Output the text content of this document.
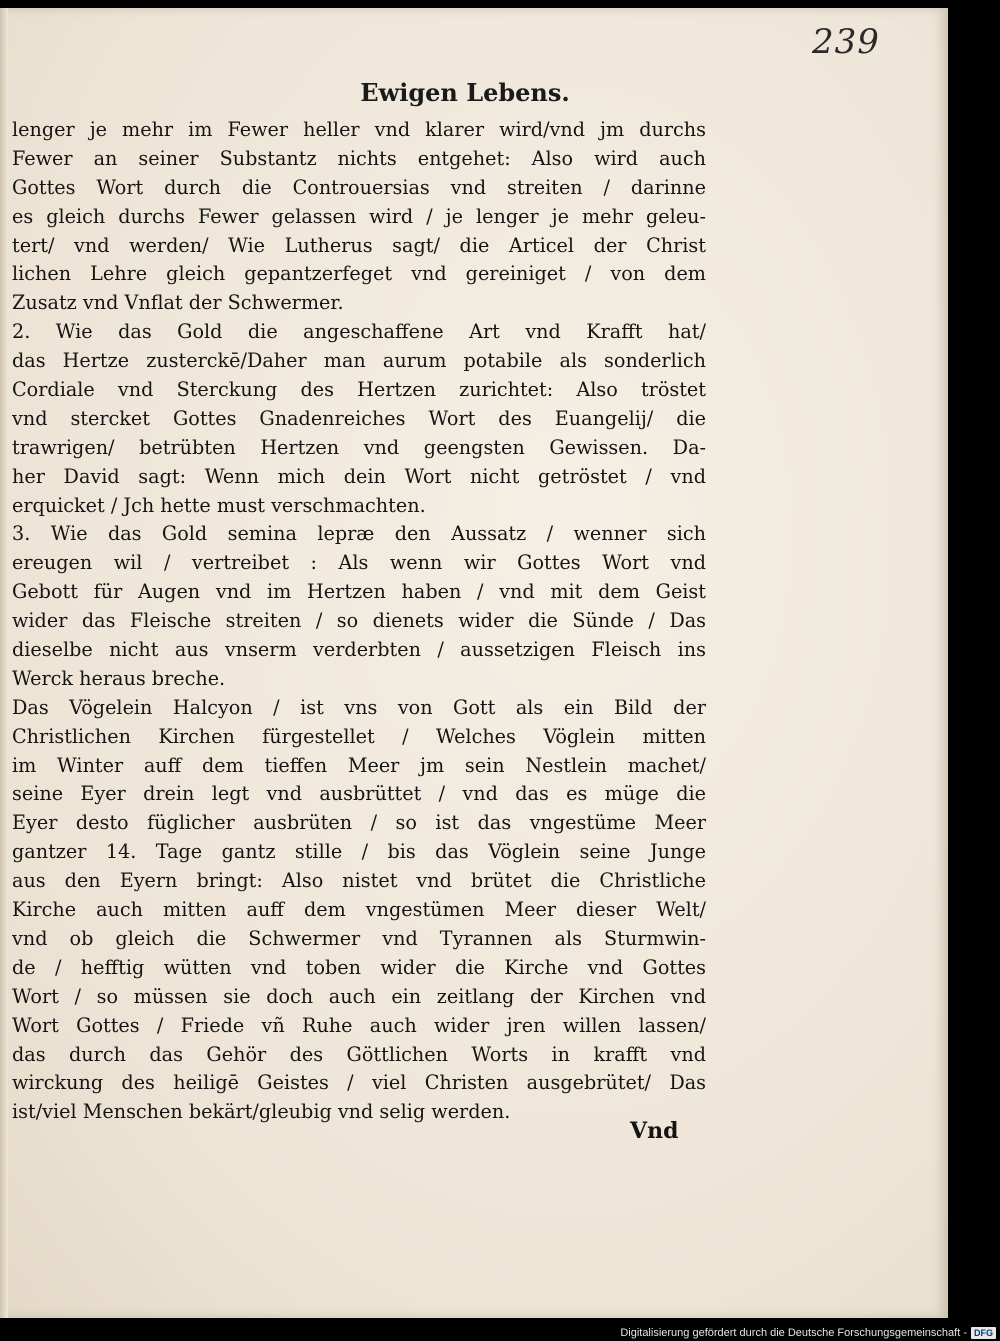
239
Ewigen Lebens.
lenger je mehr im Fewer heller vnd klarer wird/vnd jm durchs
Fewer an seiner Substantz nichts entgehet: Also wird auch
Gottes Wort durch die Controuersias vnd streiten / darinne
es gleich durchs Fewer gelassen wird / je lenger je mehr geleu-
tert/ vnd werden/ Wie Lutherus sagt/ die Articel der Christ
lichen Lehre gleich gepantzerfeget vnd gereiniget / von dem
Zusatz vnd Vnflat der Schwermer.
2. Wie das Gold die angeschaffene Art vnd Krafft hat/
das Hertze zusterckē/Daher man aurum potabile als sonderlich
Cordiale vnd Sterckung des Hertzen zurichtet: Also tröstet
vnd stercket Gottes Gnadenreiches Wort des Euangelij/ die
trawrigen/ betrübten Hertzen vnd geengsten Gewissen. Da-
her David sagt: Wenn mich dein Wort nicht getröstet / vnd
erquicket / Jch hette must verschmachten.
3. Wie das Gold semina lepræ den Aussatz / wenner sich
ereugen wil / vertreibet : Als wenn wir Gottes Wort vnd
Gebott für Augen vnd im Hertzen haben / vnd mit dem Geist
wider das Fleische streiten / so dienets wider die Sünde / Das
dieselbe nicht aus vnserm verderbten / aussetzigen Fleisch ins
Werck heraus breche.
Das Vögelein Halcyon / ist vns von Gott als ein Bild der
Christlichen Kirchen fürgestellet / Welches Vöglein mitten
im Winter auff dem tieffen Meer jm sein Nestlein machet/
seine Eyer drein legt vnd ausbrüttet / vnd das es müge die
Eyer desto füglicher ausbrüten / so ist das vngestüme Meer
gantzer 14. Tage gantz stille / bis das Vöglein seine Junge
aus den Eyern bringt: Also nistet vnd brütet die Christliche
Kirche auch mitten auff dem vngestümen Meer dieser Welt/
vnd ob gleich die Schwermer vnd Tyrannen als Sturmwin-
de / hefftig wütten vnd toben wider die Kirche vnd Gottes
Wort / so müssen sie doch auch ein zeitlang der Kirchen vnd
Wort Gottes / Friede vñ Ruhe auch wider jren willen lassen/
das durch das Gehör des Göttlichen Worts in krafft vnd
wirckung des heiligē Geistes / viel Christen ausgebrütet/ Das
ist/viel Menschen bekärt/gleubig vnd selig werden.
Vnd
Digitalisierung gefördert durch die Deutsche Forschungsgemeinschaft - DFG
